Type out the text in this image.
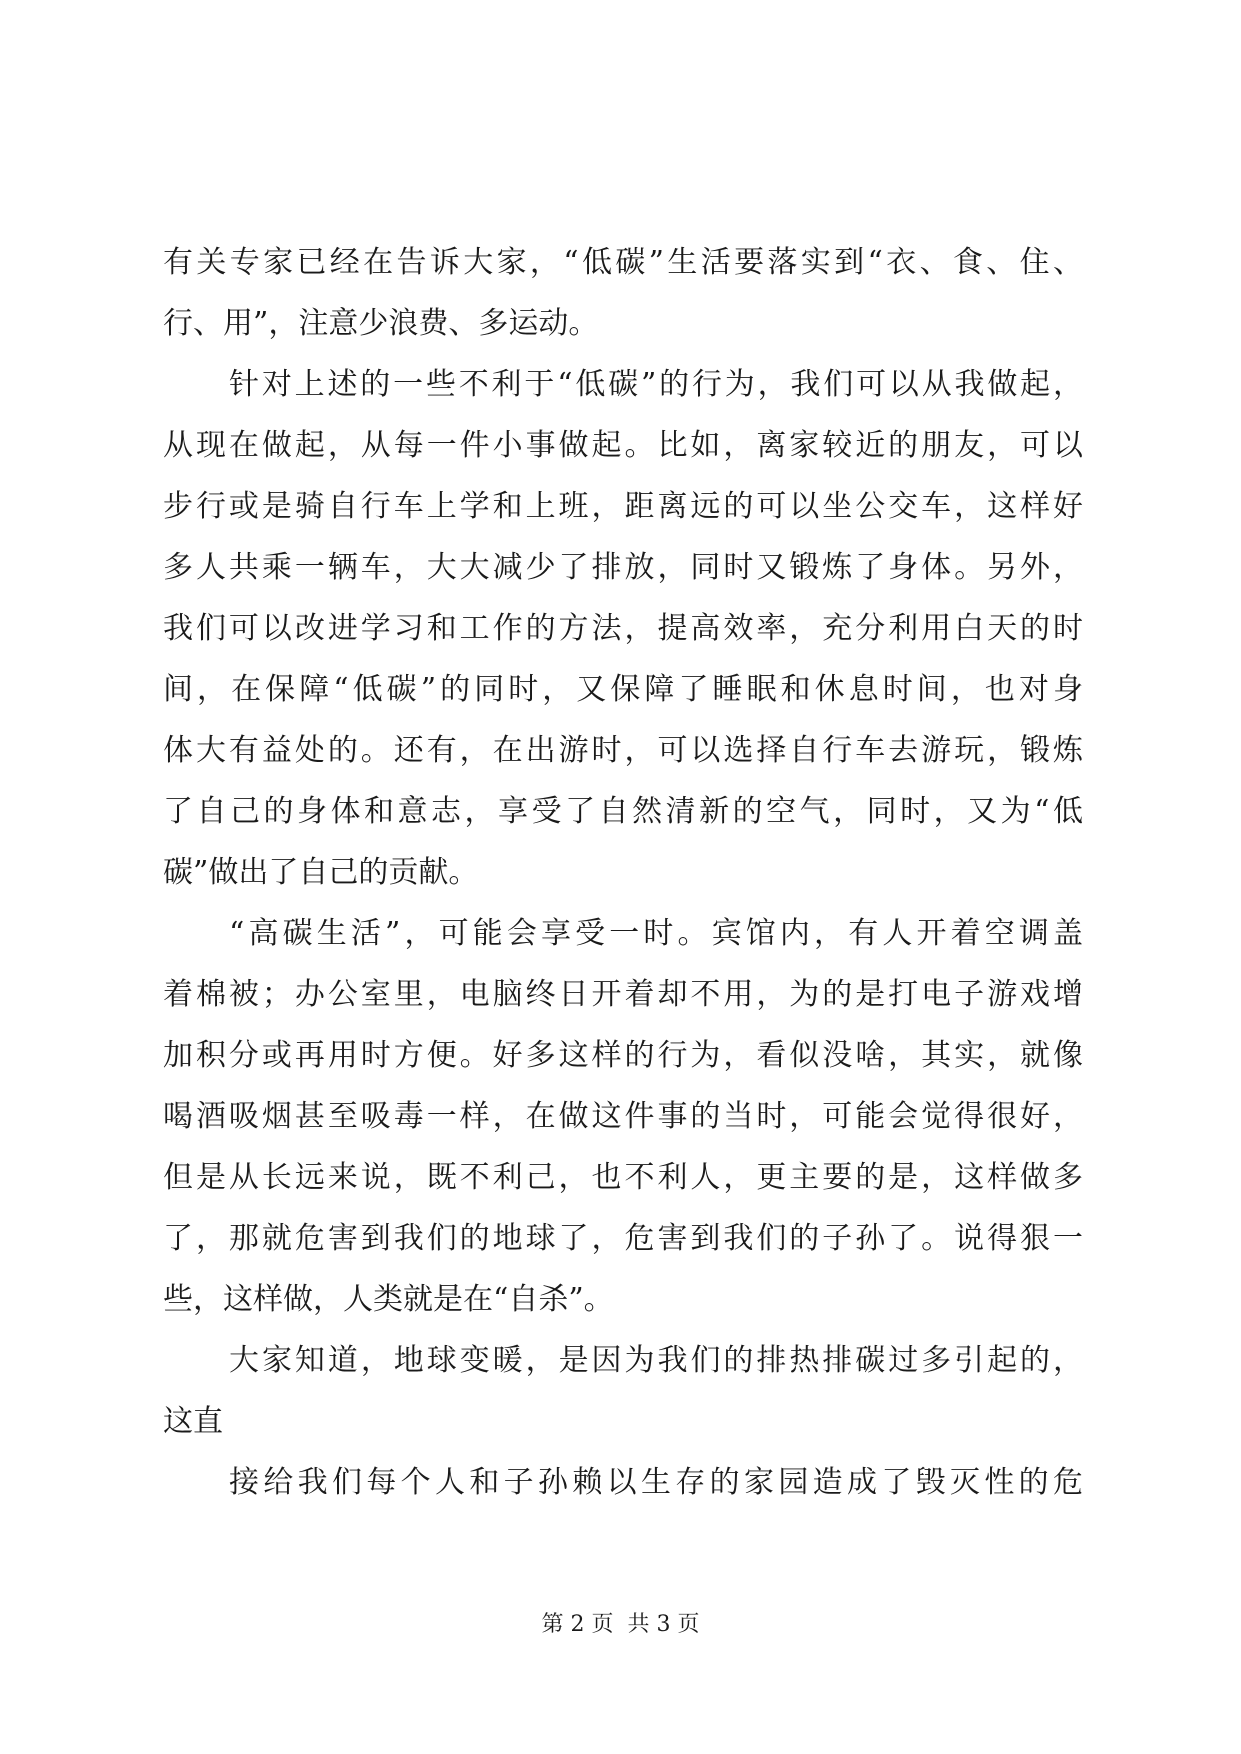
有关专家已经在告诉大家，“低碳”生活要落实到“衣、食、住、
行、用”，注意少浪费、多运动。
针对上述的一些不利于“低碳”的行为，我们可以从我做起，
从现在做起，从每一件小事做起。比如，离家较近的朋友，可以
步行或是骑自行车上学和上班，距离远的可以坐公交车，这样好
多人共乘一辆车，大大减少了排放，同时又锻炼了身体。另外，
我们可以改进学习和工作的方法，提高效率，充分利用白天的时
间，在保障“低碳”的同时，又保障了睡眠和休息时间，也对身
体大有益处的。还有，在出游时，可以选择自行车去游玩，锻炼
了自己的身体和意志，享受了自然清新的空气，同时，又为“低
碳”做出了自己的贡献。
“高碳生活”，可能会享受一时。宾馆内，有人开着空调盖
着棉被；办公室里，电脑终日开着却不用，为的是打电子游戏增
加积分或再用时方便。好多这样的行为，看似没啥，其实，就像
喝酒吸烟甚至吸毒一样，在做这件事的当时，可能会觉得很好，
但是从长远来说，既不利己，也不利人，更主要的是，这样做多
了，那就危害到我们的地球了，危害到我们的子孙了。说得狠一
些，这样做，人类就是在“自杀”。
大家知道，地球变暖，是因为我们的排热排碳过多引起的，
这直
接给我们每个人和子孙赖以生存的家园造成了毁灭性的危
第 2 页  共 3 页
